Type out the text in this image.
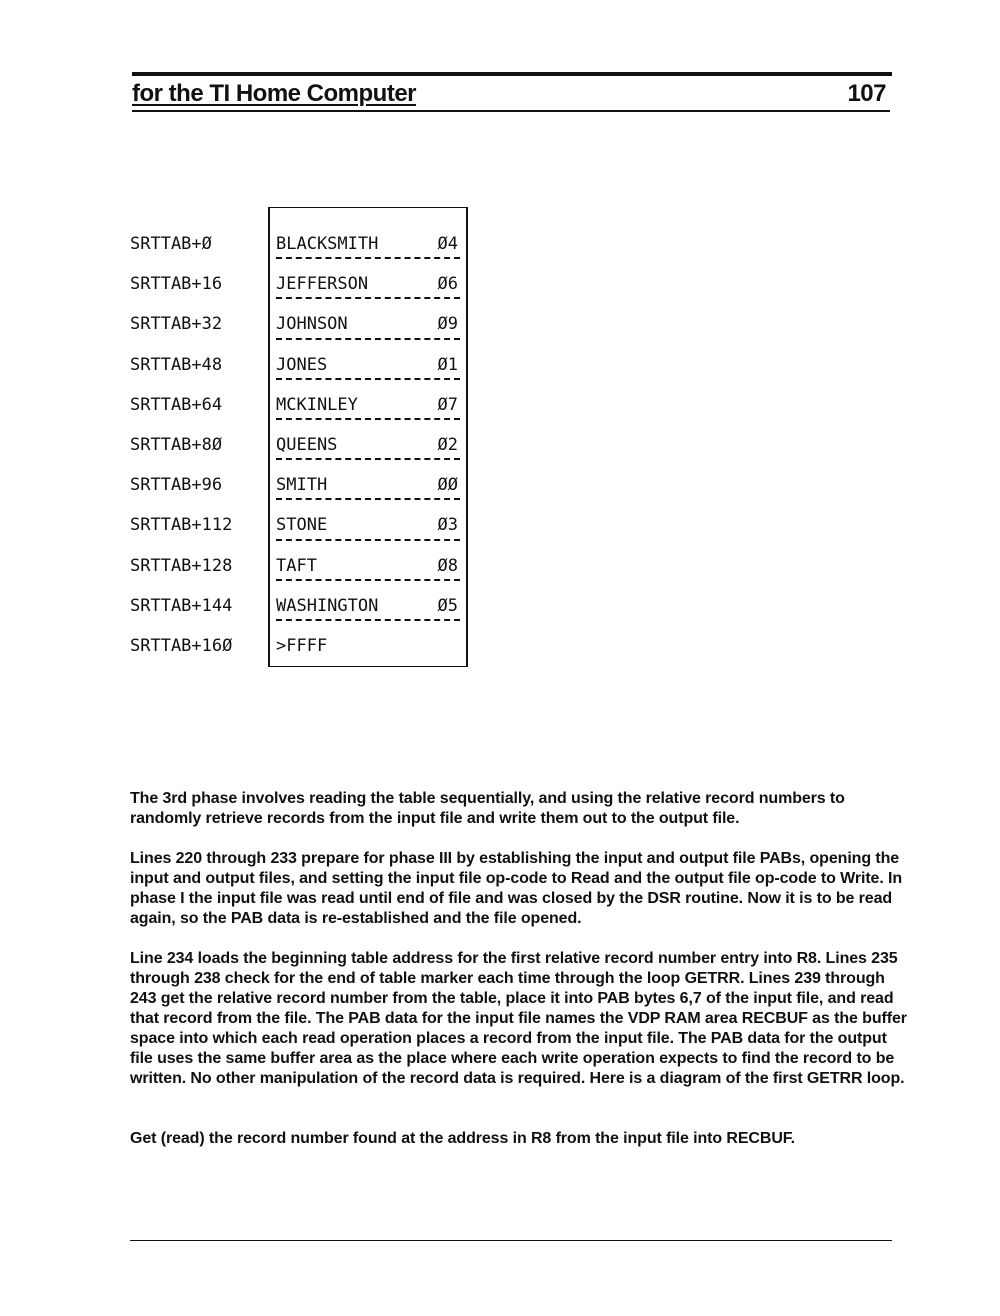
for the TI Home Computer	107
SRTTAB+Ø	BLACKSMITH	Ø4
SRTTAB+16	JEFFERSON	Ø6
SRTTAB+32	JOHNSON	Ø9
SRTTAB+48	JONES	Ø1
SRTTAB+64	MCKINLEY	Ø7
SRTTAB+8Ø	QUEENS	Ø2
SRTTAB+96	SMITH	ØØ
SRTTAB+112	STONE	Ø3
SRTTAB+128	TAFT	Ø8
SRTTAB+144	WASHINGTON	Ø5
SRTTAB+16Ø	>FFFF

The 3rd phase involves reading the table sequentially, and using the relative record numbers to randomly retrieve records from the input file and write them out to the output file.

Lines 220 through 233 prepare for phase III by establishing the input and output file PABs, opening the input and output files, and setting the input file op-code to Read and the output file op-code to Write. In phase I the input file was read until end of file and was closed by the DSR routine. Now it is to be read again, so the PAB data is re-established and the file opened.

Line 234 loads the beginning table address for the first relative record number entry into R8. Lines 235 through 238 check for the end of table marker each time through the loop GETRR. Lines 239 through 243 get the relative record number from the table, place it into PAB bytes 6,7 of the input file, and read that record from the file. The PAB data for the input file names the VDP RAM area RECBUF as the buffer space into which each read operation places a record from the input file. The PAB data for the output file uses the same buffer area as the place where each write operation expects to find the record to be written. No other manipulation of the record data is required. Here is a diagram of the first GETRR loop.

Get (read) the record number found at the address in R8 from the input file into RECBUF.
